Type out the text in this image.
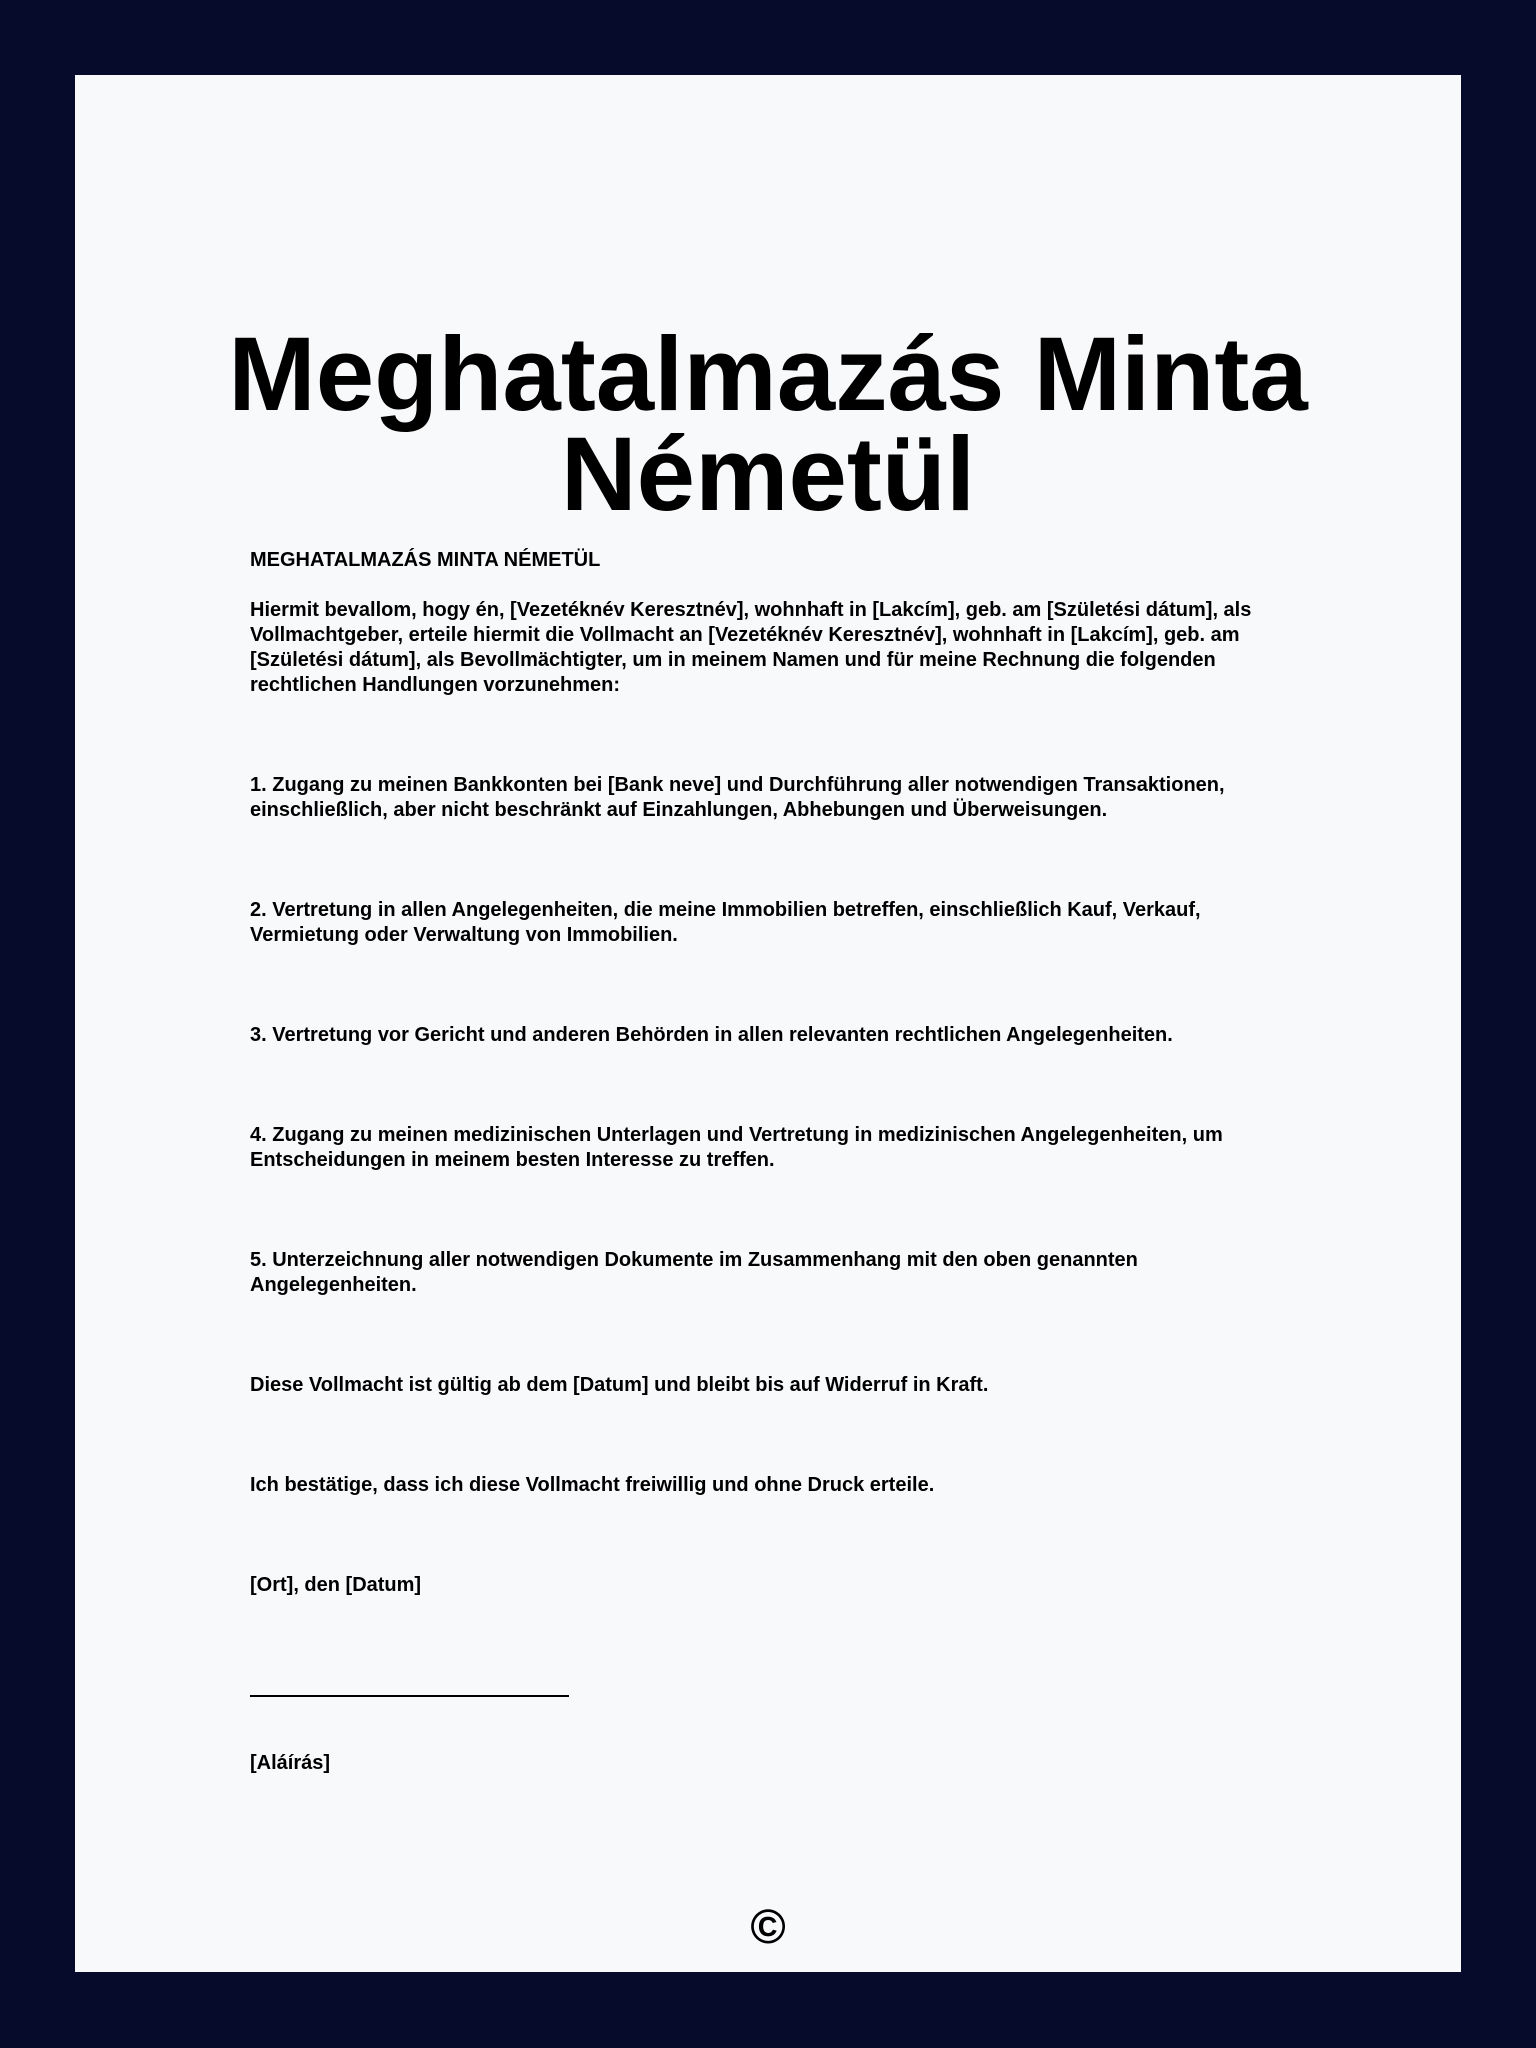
Meghatalmazás Minta Németül

MEGHATALMAZÁS MINTA NÉMETÜL

Hiermit bevallom, hogy én, [Vezetéknév Keresztnév], wohnhaft in [Lakcím], geb. am [Születési dátum], als Vollmachtgeber, erteile hiermit die Vollmacht an [Vezetéknév Keresztnév], wohnhaft in [Lakcím], geb. am [Születési dátum], als Bevollmächtigter, um in meinem Namen und für meine Rechnung die folgenden rechtlichen Handlungen vorzunehmen:

1. Zugang zu meinen Bankkonten bei [Bank neve] und Durchführung aller notwendigen Transaktionen, einschließlich, aber nicht beschränkt auf Einzahlungen, Abhebungen und Überweisungen.

2. Vertretung in allen Angelegenheiten, die meine Immobilien betreffen, einschließlich Kauf, Verkauf, Vermietung oder Verwaltung von Immobilien.

3. Vertretung vor Gericht und anderen Behörden in allen relevanten rechtlichen Angelegenheiten.

4. Zugang zu meinen medizinischen Unterlagen und Vertretung in medizinischen Angelegenheiten, um Entscheidungen in meinem besten Interesse zu treffen.

5. Unterzeichnung aller notwendigen Dokumente im Zusammenhang mit den oben genannten Angelegenheiten.

Diese Vollmacht ist gültig ab dem [Datum] und bleibt bis auf Widerruf in Kraft.

Ich bestätige, dass ich diese Vollmacht freiwillig und ohne Druck erteile.

[Ort], den [Datum]

[Aláírás]
©
